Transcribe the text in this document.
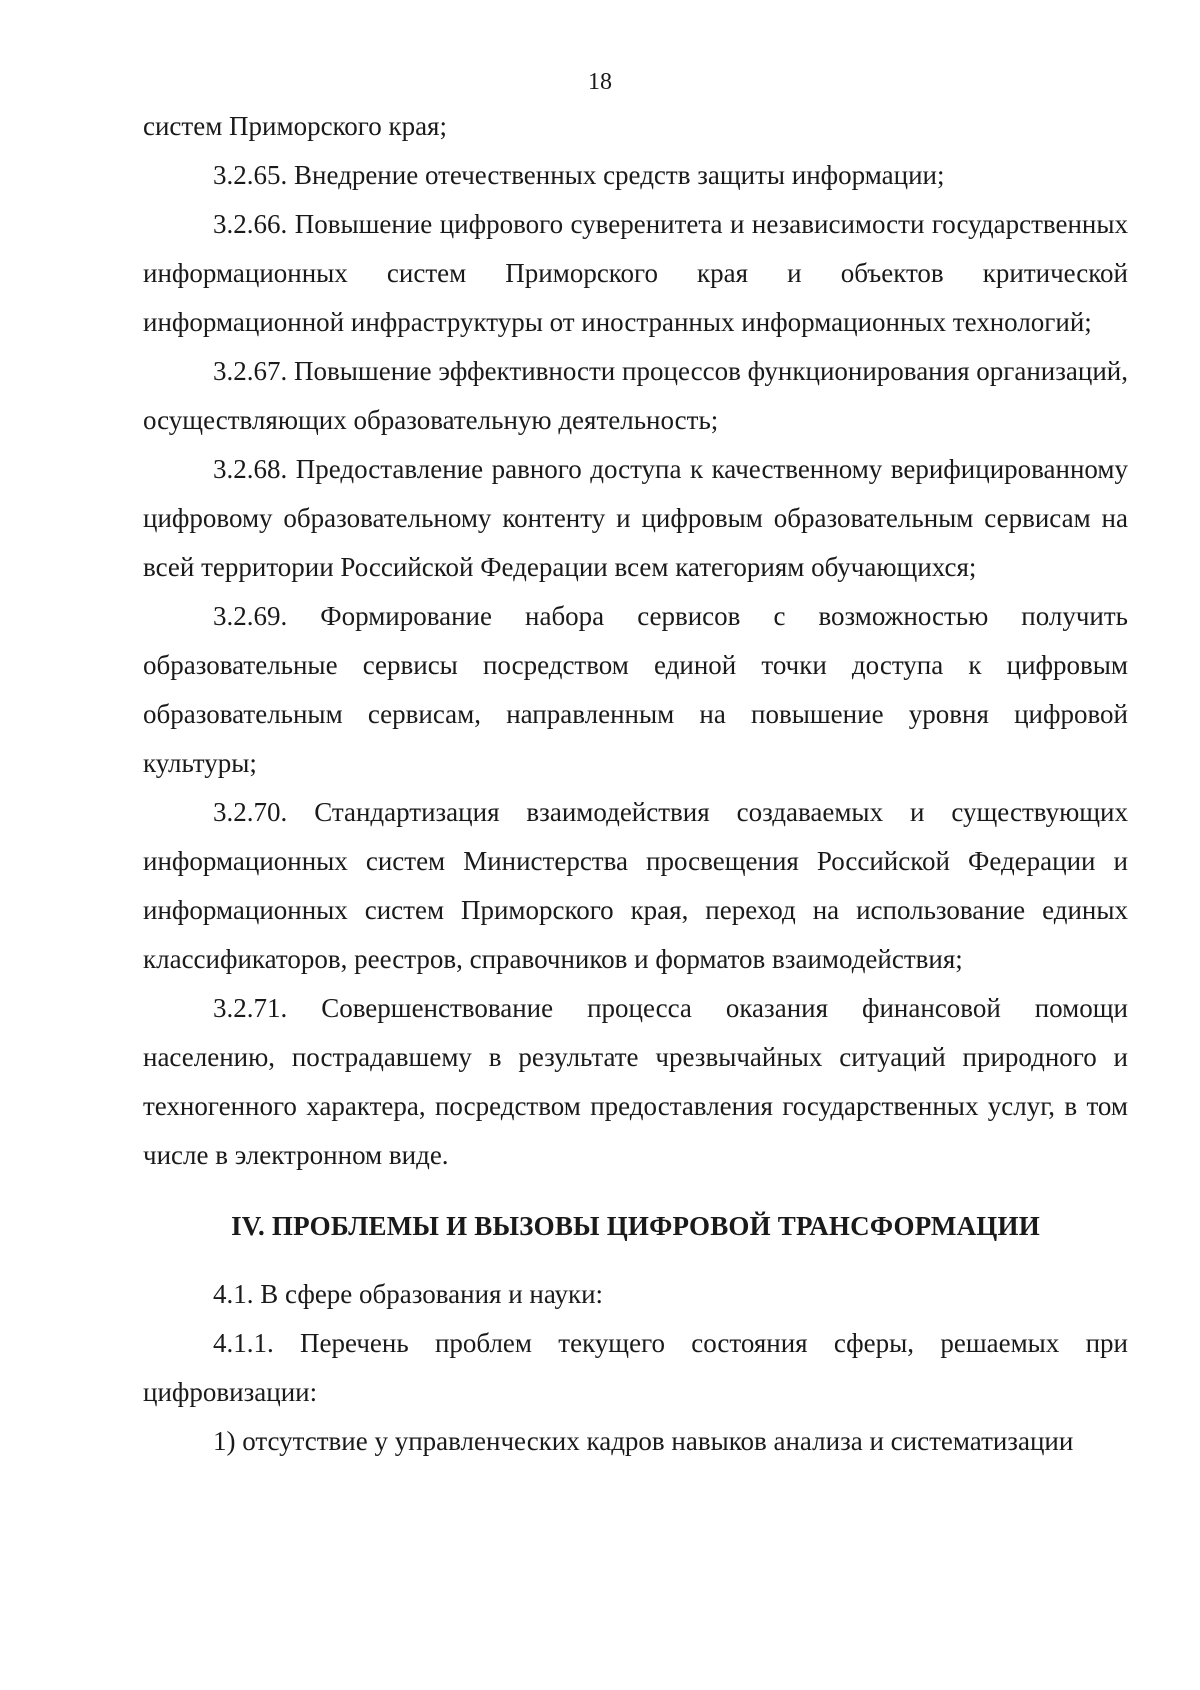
18

систем Приморского края;

3.2.65. Внедрение отечественных средств защиты информации;

3.2.66. Повышение цифрового суверенитета и независимости государственных информационных систем Приморского края и объектов критической информационной инфраструктуры от иностранных информационных технологий;

3.2.67. Повышение эффективности процессов функционирования организаций, осуществляющих образовательную деятельность;

3.2.68. Предоставление равного доступа к качественному верифицированному цифровому образовательному контенту и цифровым образовательным сервисам на всей территории Российской Федерации всем категориям обучающихся;

3.2.69. Формирование набора сервисов с возможностью получить образовательные сервисы посредством единой точки доступа к цифровым образовательным сервисам, направленным на повышение уровня цифровой культуры;

3.2.70. Стандартизация взаимодействия создаваемых и существующих информационных систем Министерства просвещения Российской Федерации и информационных систем Приморского края, переход на использование единых классификаторов, реестров, справочников и форматов взаимодействия;

3.2.71. Совершенствование процесса оказания финансовой помощи населению, пострадавшему в результате чрезвычайных ситуаций природного и техногенного характера, посредством предоставления государственных услуг, в том числе в электронном виде.

IV. ПРОБЛЕМЫ И ВЫЗОВЫ ЦИФРОВОЙ ТРАНСФОРМАЦИИ

4.1. В сфере образования и науки:

4.1.1. Перечень проблем текущего состояния сферы, решаемых при цифровизации:

1) отсутствие у управленческих кадров навыков анализа и систематизации
